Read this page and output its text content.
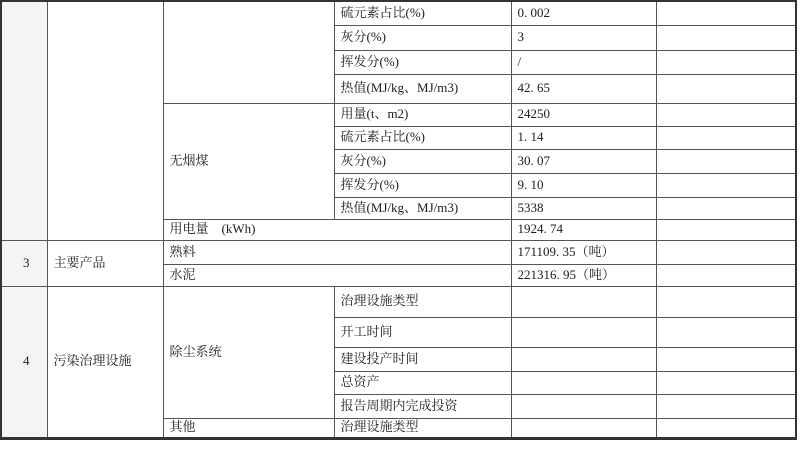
			硫元素占比(%)	0. 002	
			灰分(%)	3	
			挥发分(%)	/	
			热值(MJ/kg、MJ/m3)	42. 65	
		无烟煤	用量(t、m2)	24250	
			硫元素占比(%)	1. 14	
			灰分(%)	30. 07	
			挥发分(%)	9. 10	
			热值(MJ/kg、MJ/m3)	5338	
		用电量　(kWh)		1924. 74	
3	主要产品	熟料		171109. 35（吨）	
		水泥		221316. 95（吨）	
4	污染治理设施	除尘系统	治理设施类型		
			开工时间		
			建设投产时间		
			总资产		
			报告周期内完成投资		
		其他	治理设施类型		
